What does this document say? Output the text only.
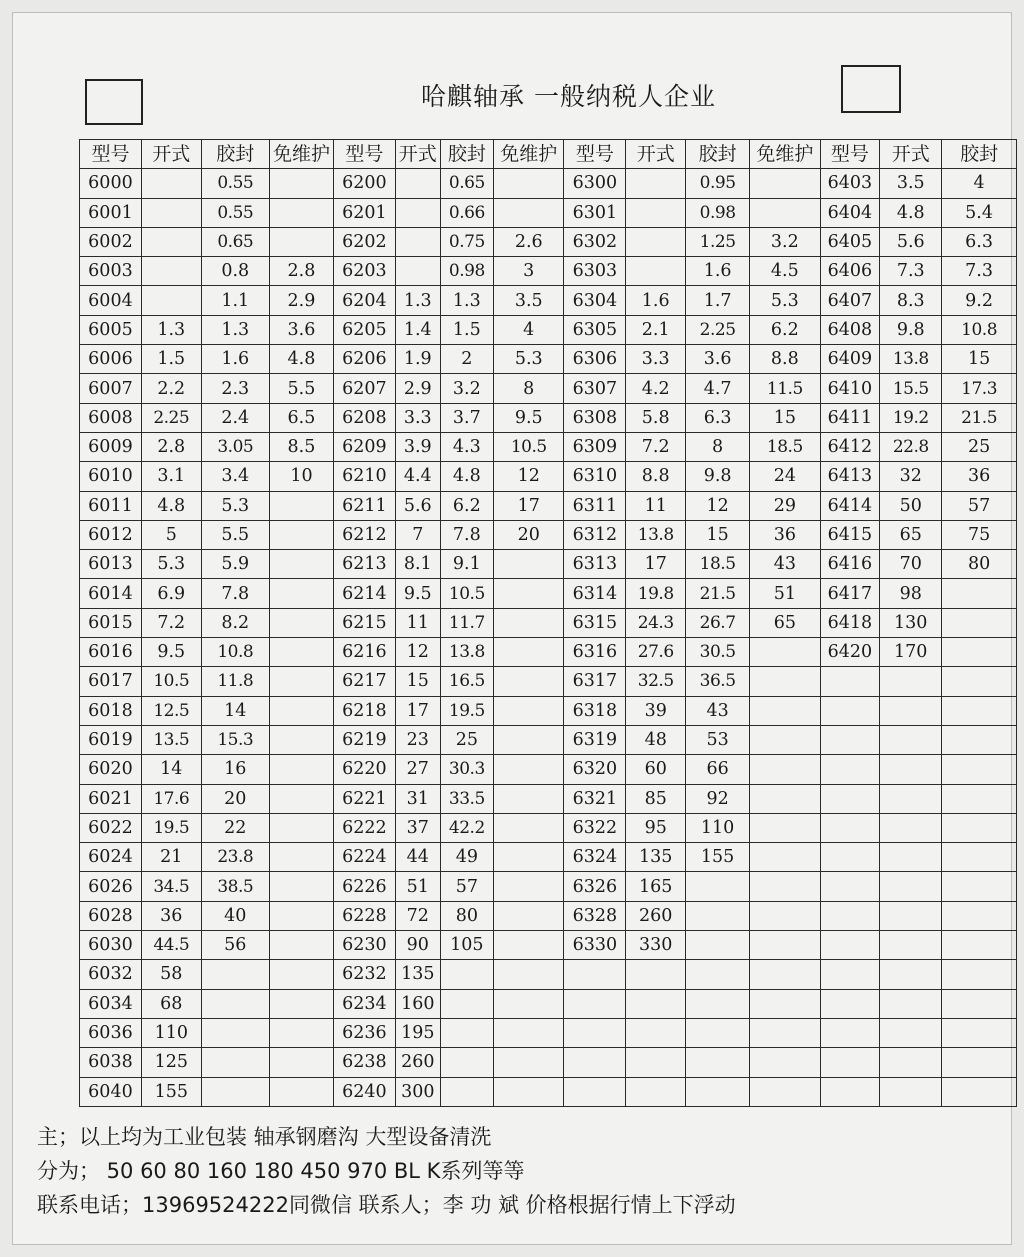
哈麒轴承 一般纳税人企业
型号	开式	胶封	免维护	型号	开式	胶封	免维护	型号	开式	胶封	免维护	型号	开式	胶封
6000		0.55		6200		0.65		6300		0.95		6403	3.5	4
6001		0.55		6201		0.66		6301		0.98		6404	4.8	5.4
6002		0.65		6202		0.75	2.6	6302		1.25	3.2	6405	5.6	6.3
6003		0.8	2.8	6203		0.98	3	6303		1.6	4.5	6406	7.3	7.3
6004		1.1	2.9	6204	1.3	1.3	3.5	6304	1.6	1.7	5.3	6407	8.3	9.2
6005	1.3	1.3	3.6	6205	1.4	1.5	4	6305	2.1	2.25	6.2	6408	9.8	10.8
6006	1.5	1.6	4.8	6206	1.9	2	5.3	6306	3.3	3.6	8.8	6409	13.8	15
6007	2.2	2.3	5.5	6207	2.9	3.2	8	6307	4.2	4.7	11.5	6410	15.5	17.3
6008	2.25	2.4	6.5	6208	3.3	3.7	9.5	6308	5.8	6.3	15	6411	19.2	21.5
6009	2.8	3.05	8.5	6209	3.9	4.3	10.5	6309	7.2	8	18.5	6412	22.8	25
6010	3.1	3.4	10	6210	4.4	4.8	12	6310	8.8	9.8	24	6413	32	36
6011	4.8	5.3		6211	5.6	6.2	17	6311	11	12	29	6414	50	57
6012	5	5.5		6212	7	7.8	20	6312	13.8	15	36	6415	65	75
6013	5.3	5.9		6213	8.1	9.1		6313	17	18.5	43	6416	70	80
6014	6.9	7.8		6214	9.5	10.5		6314	19.8	21.5	51	6417	98	
6015	7.2	8.2		6215	11	11.7		6315	24.3	26.7	65	6418	130	
6016	9.5	10.8		6216	12	13.8		6316	27.6	30.5		6420	170	
6017	10.5	11.8		6217	15	16.5		6317	32.5	36.5				
6018	12.5	14		6218	17	19.5		6318	39	43				
6019	13.5	15.3		6219	23	25		6319	48	53				
6020	14	16		6220	27	30.3		6320	60	66				
6021	17.6	20		6221	31	33.5		6321	85	92				
6022	19.5	22		6222	37	42.2		6322	95	110				
6024	21	23.8		6224	44	49		6324	135	155				
6026	34.5	38.5		6226	51	57		6326	165					
6028	36	40		6228	72	80		6328	260					
6030	44.5	56		6230	90	105		6330	330					
6032	58			6232	135									
6034	68			6234	160									
6036	110			6236	195									
6038	125			6238	260									
6040	155			6240	300									
主；以上均为工业包装 轴承钢磨沟 大型设备清洗
分为； 50 60 80 160 180 450 970 BL K系列等等
联系电话；13969524222同微信 联系人；李 功 斌 价格根据行情上下浮动
